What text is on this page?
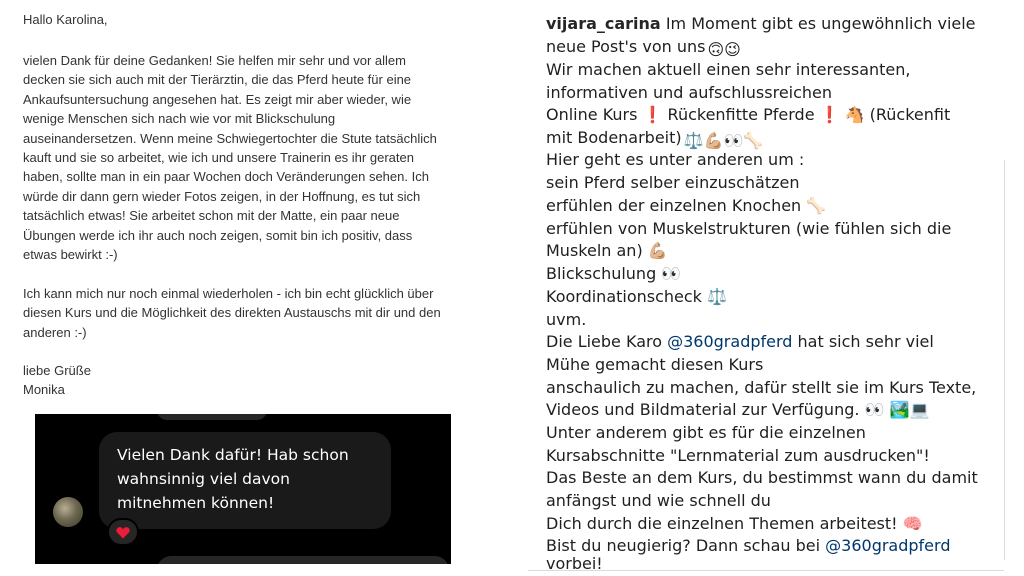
Hallo Karolina,
vielen Dank für deine Gedanken! Sie helfen mir sehr und vor allem decken sie sich auch mit der Tierärztin, die das Pferd heute für eine Ankaufsuntersuchung angesehen hat. Es zeigt mir aber wieder, wie wenige Menschen sich nach wie vor mit Blickschulung auseinandersetzen. Wenn meine Schwiegertochter die Stute tatsächlich kauft und sie so arbeitet, wie ich und unsere Trainerin es ihr geraten haben, sollte man in ein paar Wochen doch Veränderungen sehen. Ich würde dir dann gern wieder Fotos zeigen, in der Hoffnung, es tut sich tatsächlich etwas! Sie arbeitet schon mit der Matte, ein paar neue Übungen werde ich ihr auch noch zeigen, somit bin ich positiv, dass etwas bewirkt :-)
Ich kann mich nur noch einmal wiederholen - ich bin echt glücklich über diesen Kurs und die Möglichkeit des direkten Austauschs mit dir und den anderen :-)
liebe Grüße
Monika
Vielen Dank dafür! Hab schon wahnsinnig viel davon mitnehmen können!
vijara_carina Im Moment gibt es ungewöhnlich viele
neue Post's von uns 🙃😉
Wir machen aktuell einen sehr interessanten,
informativen und aufschlussreichen
Online Kurs ❗ Rückenfitte Pferde ❗ 🐴 (Rückenfit
mit Bodenarbeit) ⚖️💪🏼👀🦴
Hier geht es unter anderen um :
sein Pferd selber einzuschätzen
erfühlen der einzelnen Knochen 🦴
erfühlen von Muskelstrukturen (wie fühlen sich die
Muskeln an) 💪🏼
Blickschulung 👀
Koordinationscheck ⚖️
uvm.
Die Liebe Karo @360gradpferd hat sich sehr viel
Mühe gemacht diesen Kurs
anschaulich zu machen, dafür stellt sie im Kurs Texte,
Videos und Bildmaterial zur Verfügung. 👀 🏞️💻
Unter anderem gibt es für die einzelnen
Kursabschnitte "Lernmaterial zum ausdrucken"!
Das Beste an dem Kurs, du bestimmst wann du damit
anfängst und wie schnell du
Dich durch die einzelnen Themen arbeitest! 🧠
Bist du neugierig? Dann schau bei @360gradpferd
vorbei!
